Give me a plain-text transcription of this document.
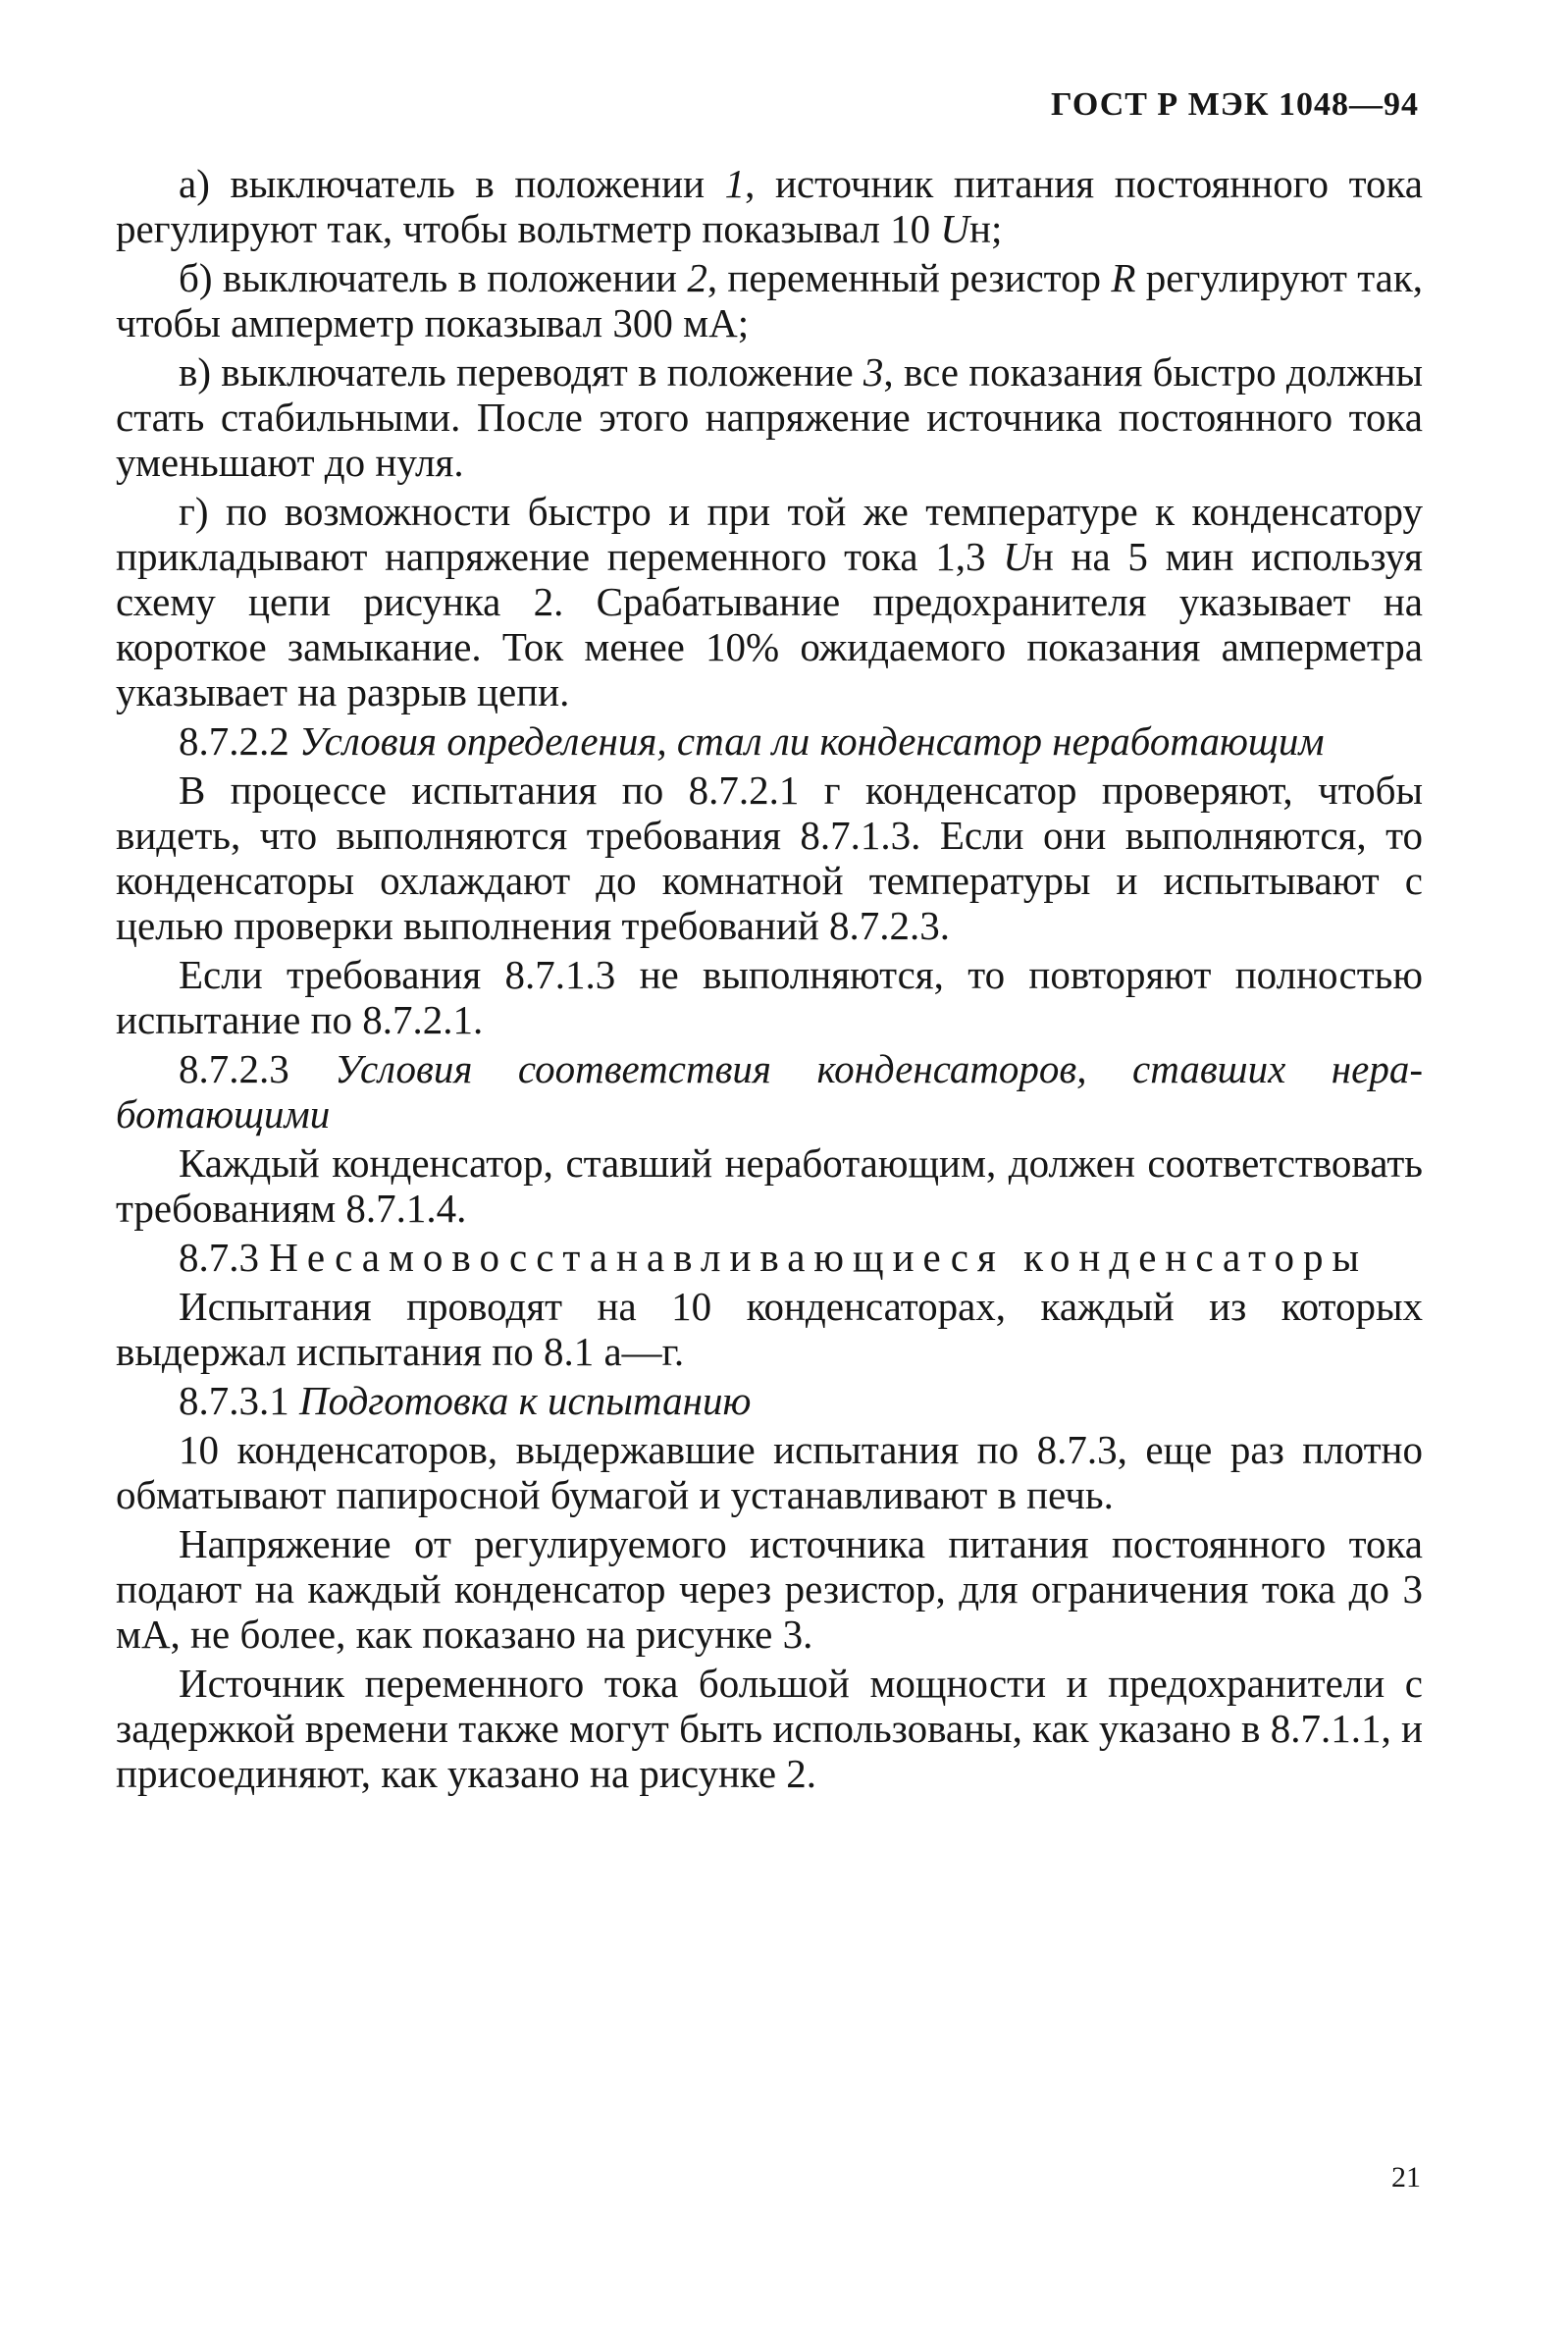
ГОСТ Р МЭК 1048—94

а) выключатель в положении 1, источник питания постоянного тока регулируют так, чтобы вольтметр показывал 10 Uн;

б) выключатель в положении 2, переменный резистор R регулируют так, чтобы амперметр показывал 300 мА;

в) выключатель переводят в положение 3, все показания быстро должны стать стабильными. После этого напряжение источника постоянного тока уменьшают до нуля.

г) по возможности быстро и при той же температуре к конденсатору прикладывают напряжение переменного тока 1,3 Uн на 5 мин используя схему цепи рисунка 2. Срабатывание предохранителя указывает на короткое замыкание. Ток менее 10% ожидаемого показания амперметра указывает на разрыв цепи.

8.7.2.2 Условия определения, стал ли конденсатор неработающим

В процессе испытания по 8.7.2.1 г конденсатор проверяют, чтобы видеть, что выполняются требования 8.7.1.3. Если они выполняются, то конденсаторы охлаждают до комнатной температуры и испытывают с целью проверки выполнения требований 8.7.2.3.

Если требования 8.7.1.3 не выполняются, то повторяют полностью испытание по 8.7.2.1.

8.7.2.3 Условия соответствия конденсаторов, ставших неработающими

Каждый конденсатор, ставший неработающим, должен соответствовать требованиям 8.7.1.4.

8.7.3 Несамовосстанавливающиеся конденсаторы

Испытания проводят на 10 конденсаторах, каждый из которых выдержал испытания по 8.1 а—г.

8.7.3.1 Подготовка к испытанию

10 конденсаторов, выдержавшие испытания по 8.7.3, еще раз плотно обматывают папиросной бумагой и устанавливают в печь.

Напряжение от регулируемого источника питания постоянного тока подают на каждый конденсатор через резистор, для ограничения тока до 3 мА, не более, как показано на рисунке 3.

Источник переменного тока большой мощности и предохранители с задержкой времени также могут быть использованы, как указано в 8.7.1.1, и присоединяют, как указано на рисунке 2.

21
